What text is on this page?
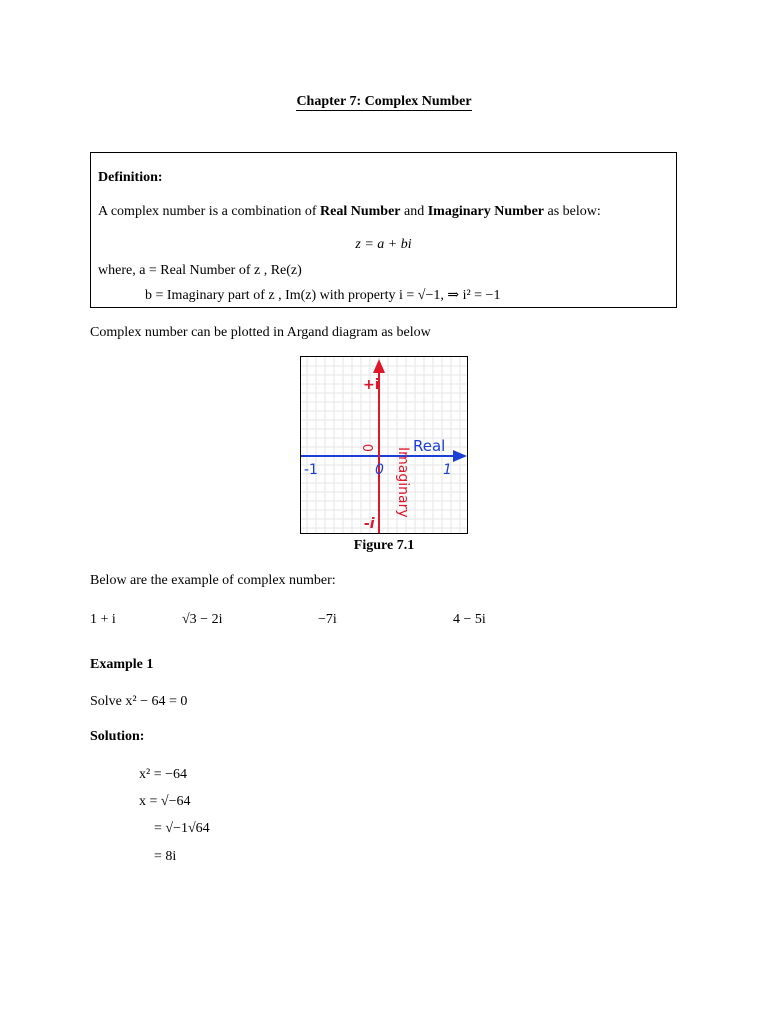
Chapter 7: Complex Number
Definition:
A complex number is a combination of Real Number and Imaginary Number as below:
z = a + bi
where, a = Real Number of z , Re(z)
b = Imaginary part of z , Im(z) with property i = √−1, ⇒ i² = −1
Complex number can be plotted in Argand diagram as below
+i
-i
Imaginary
0 Real
-1	0	1
Figure 7.1
Below are the example of complex number:
1 + i	√3 − 2i	−7i	4 − 5i
Example 1
Solve x² − 64 = 0
Solution:
x² = −64
x = √−64
= √−1√64
= 8i
